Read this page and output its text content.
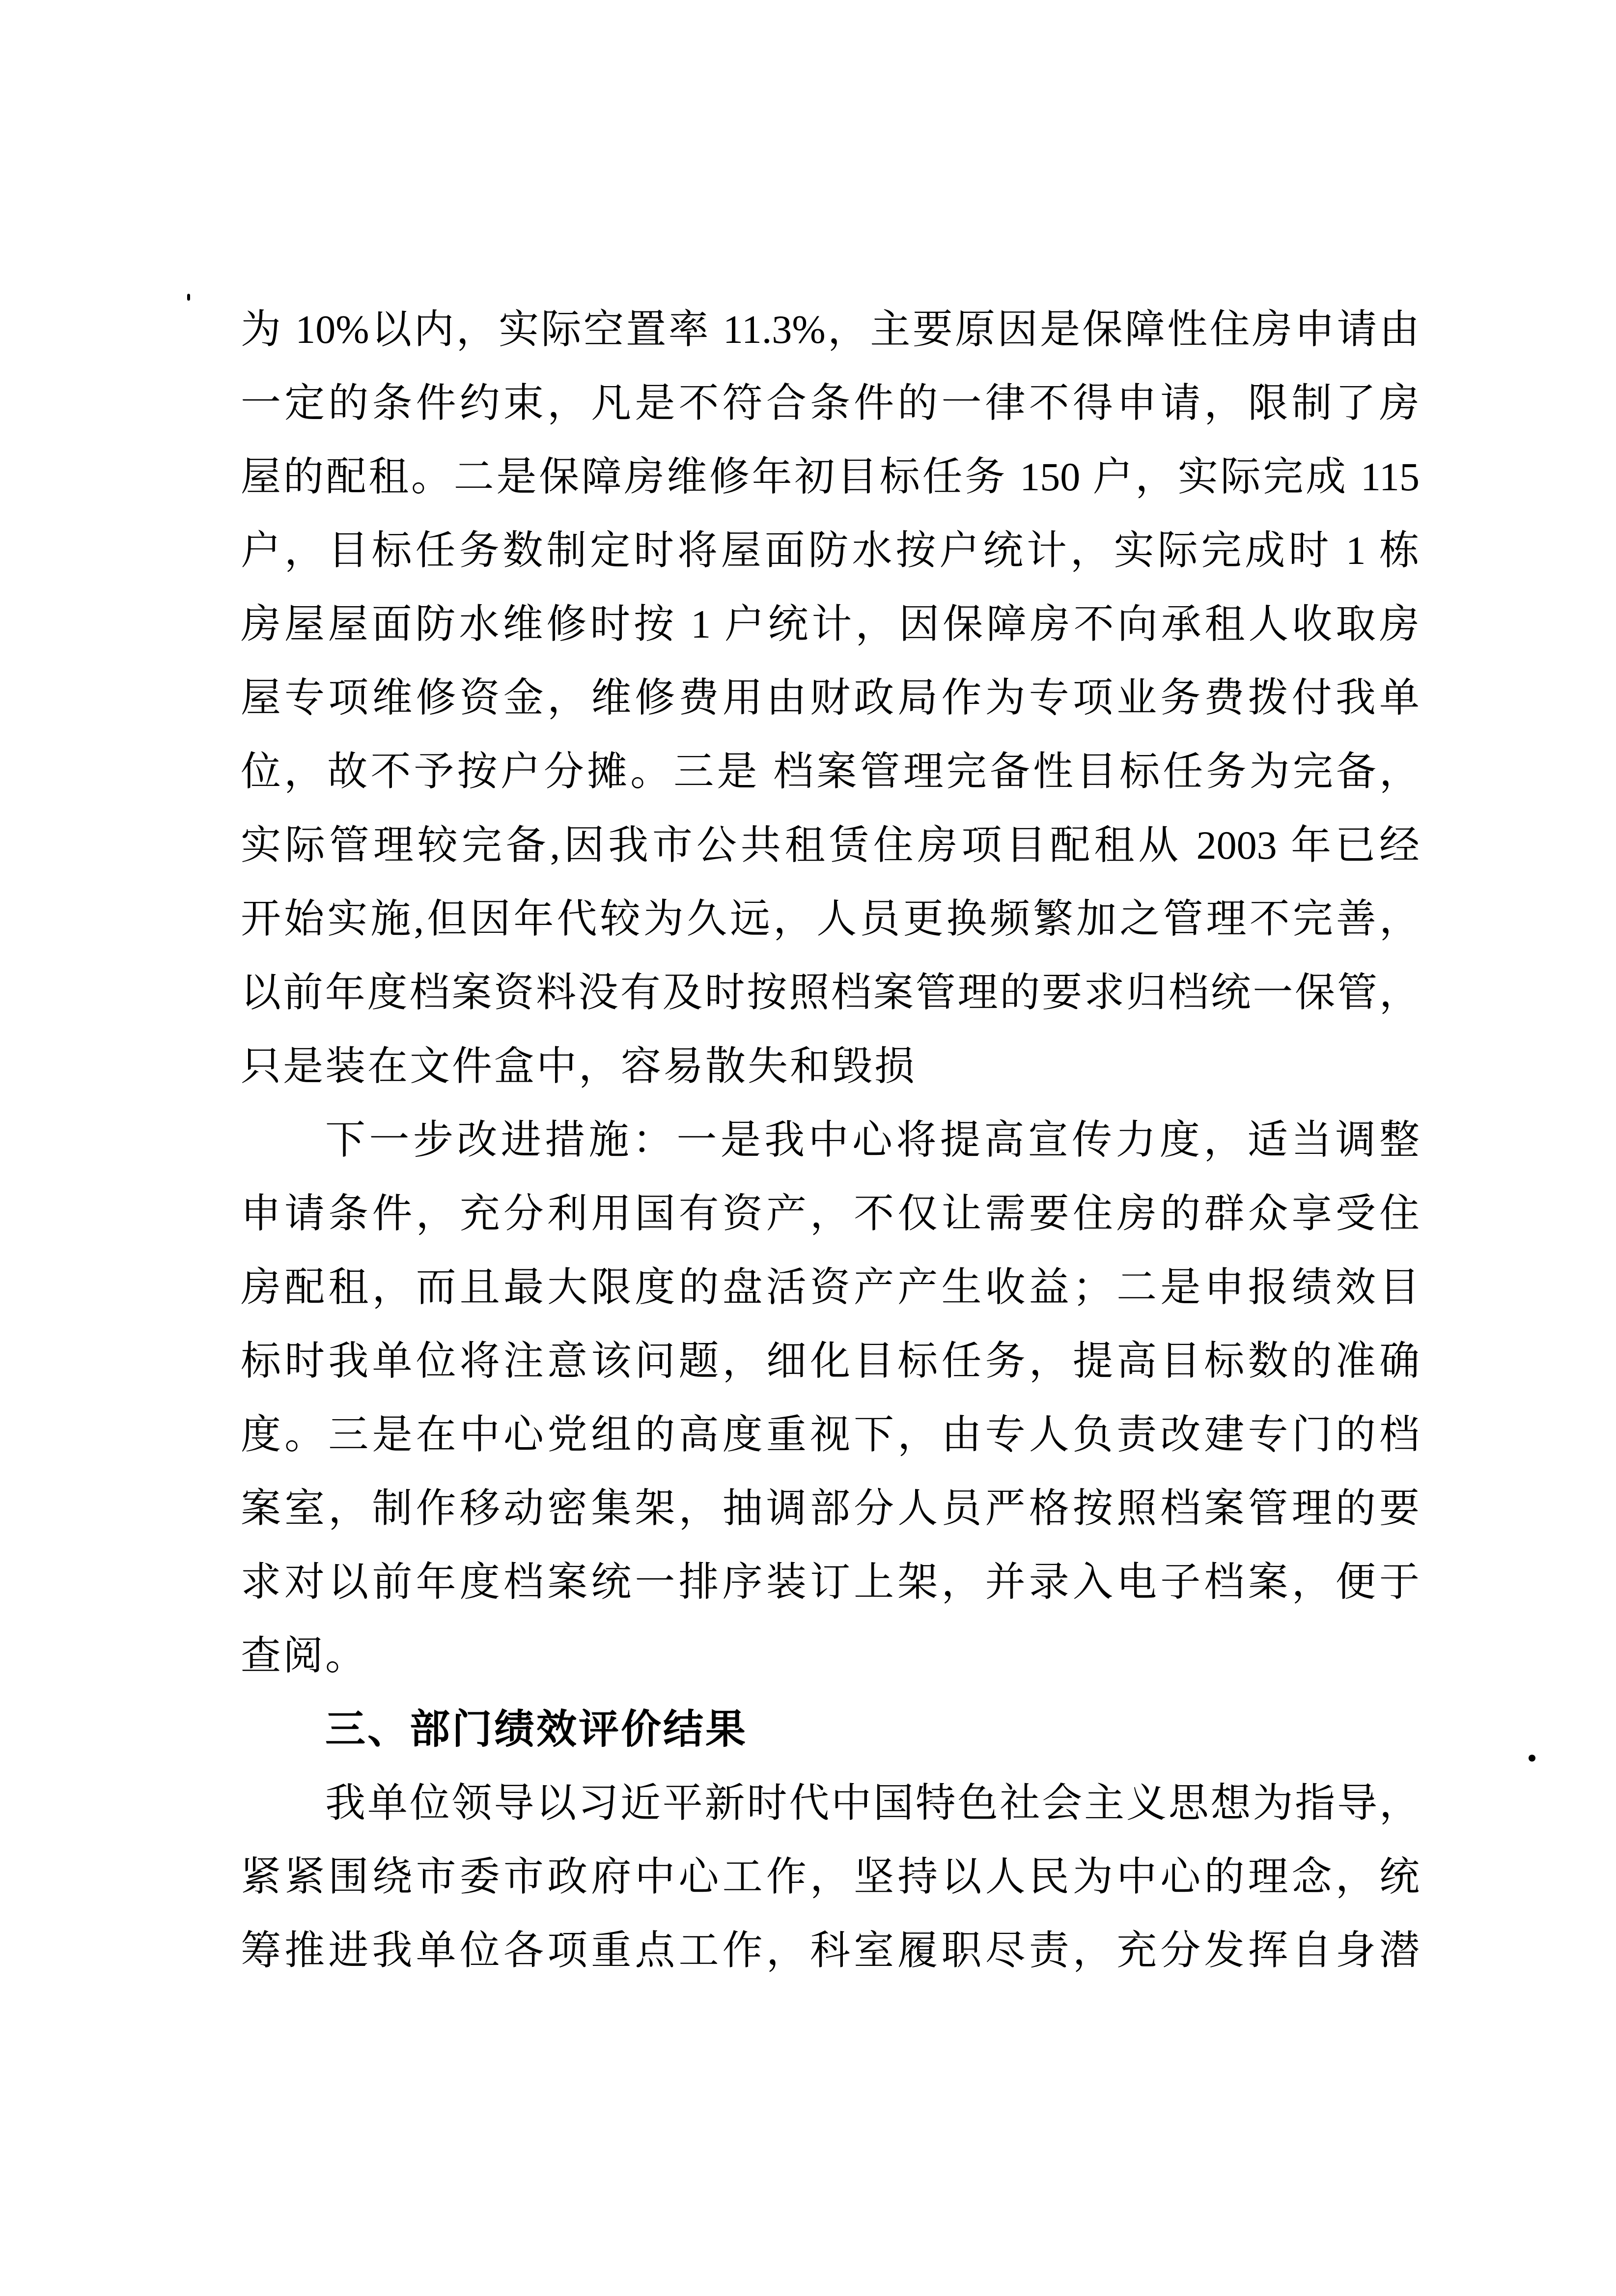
为 10%以内，实际空置率 11.3%，主要原因是保障性住房申请由
一定的条件约束，凡是不符合条件的一律不得申请，限制了房
屋的配租。二是保障房维修年初目标任务 150 户，实际完成 115
户，目标任务数制定时将屋面防水按户统计，实际完成时 1 栋
房屋屋面防水维修时按 1 户统计，因保障房不向承租人收取房
屋专项维修资金，维修费用由财政局作为专项业务费拨付我单
位，故不予按户分摊。三是 档案管理完备性目标任务为完备，
实际管理较完备,因我市公共租赁住房项目配租从 2003 年已经
开始实施,但因年代较为久远，人员更换频繁加之管理不完善，
以前年度档案资料没有及时按照档案管理的要求归档统一保管，
只是装在文件盒中，容易散失和毁损
下一步改进措施：一是我中心将提高宣传力度，适当调整
申请条件，充分利用国有资产，不仅让需要住房的群众享受住
房配租，而且最大限度的盘活资产产生收益；二是申报绩效目
标时我单位将注意该问题，细化目标任务，提高目标数的准确
度。三是在中心党组的高度重视下，由专人负责改建专门的档
案室，制作移动密集架，抽调部分人员严格按照档案管理的要
求对以前年度档案统一排序装订上架，并录入电子档案，便于
查阅。
三、部门绩效评价结果
我单位领导以习近平新时代中国特色社会主义思想为指导，
紧紧围绕市委市政府中心工作，坚持以人民为中心的理念，统
筹推进我单位各项重点工作，科室履职尽责，充分发挥自身潜
